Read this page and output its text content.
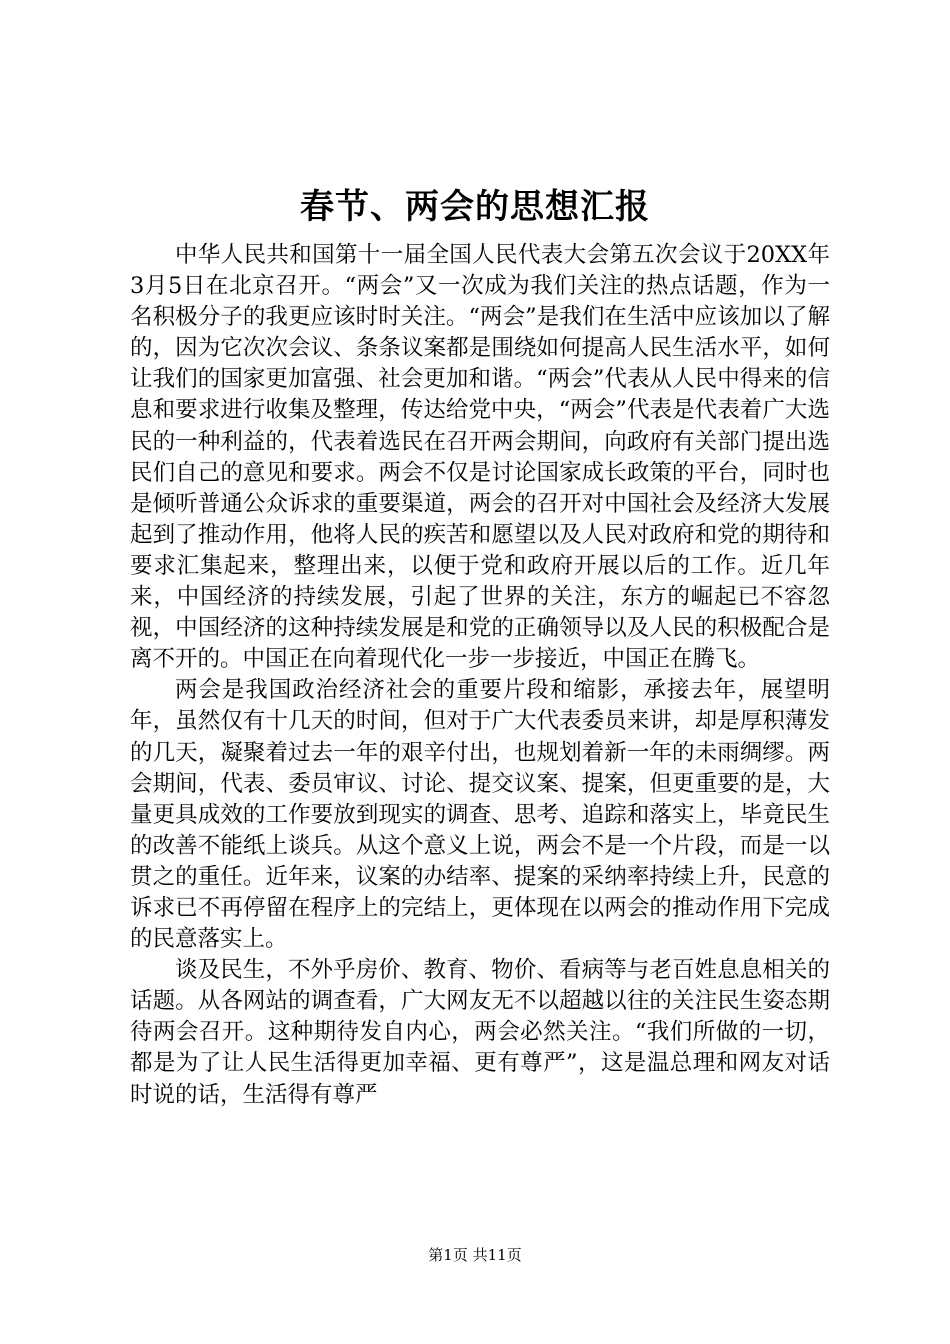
春节、两会的思想汇报

中华人民共和国第十一届全国人民代表大会第五次会议于20XX年3月5日在北京召开。“两会”又一次成为我们关注的热点话题，作为一名积极分子的我更应该时时关注。“两会”是我们在生活中应该加以了解的，因为它次次会议、条条议案都是围绕如何提高人民生活水平，如何让我们的国家更加富强、社会更加和谐。“两会”代表从人民中得来的信息和要求进行收集及整理，传达给党中央，“两会”代表是代表着广大选民的一种利益的，代表着选民在召开两会期间，向政府有关部门提出选民们自己的意见和要求。两会不仅是讨论国家成长政策的平台，同时也是倾听普通公众诉求的重要渠道，两会的召开对中国社会及经济大发展起到了推动作用，他将人民的疾苦和愿望以及人民对政府和党的期待和要求汇集起来，整理出来，以便于党和政府开展以后的工作。近几年来，中国经济的持续发展，引起了世界的关注，东方的崛起已不容忽视，中国经济的这种持续发展是和党的正确领导以及人民的积极配合是离不开的。中国正在向着现代化一步一步接近，中国正在腾飞。

两会是我国政治经济社会的重要片段和缩影，承接去年，展望明年，虽然仅有十几天的时间，但对于广大代表委员来讲，却是厚积薄发的几天，凝聚着过去一年的艰辛付出，也规划着新一年的未雨绸缪。两会期间，代表、委员审议、讨论、提交议案、提案，但更重要的是，大量更具成效的工作要放到现实的调查、思考、追踪和落实上，毕竟民生的改善不能纸上谈兵。从这个意义上说，两会不是一个片段，而是一以贯之的重任。近年来，议案的办结率、提案的采纳率持续上升，民意的诉求已不再停留在程序上的完结上，更体现在以两会的推动作用下完成的民意落实上。

谈及民生，不外乎房价、教育、物价、看病等与老百姓息息相关的话题。从各网站的调查看，广大网友无不以超越以往的关注民生姿态期待两会召开。这种期待发自内心，两会必然关注。“我们所做的一切，都是为了让人民生活得更加幸福、更有尊严”，这是温总理和网友对话时说的话，生活得有尊严

第1页 共11页
